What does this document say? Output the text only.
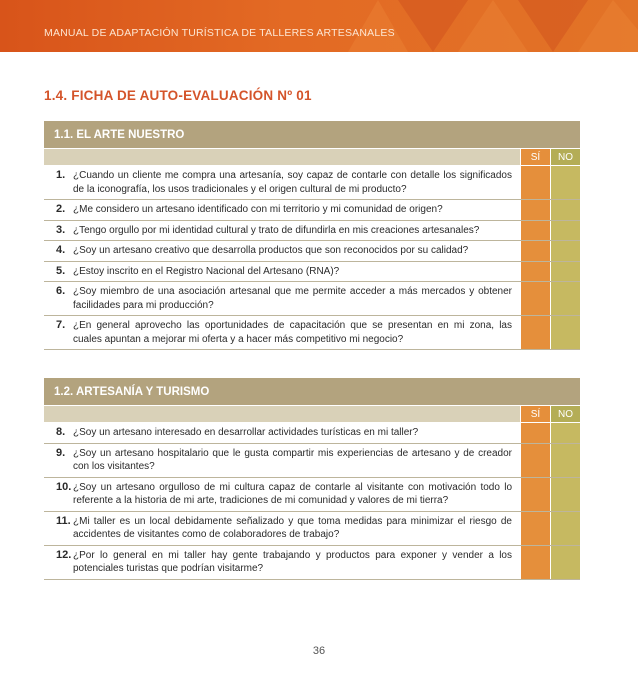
MANUAL DE ADAPTACIÓN TURÍSTICA DE TALLERES ARTESANALES
1.4. FICHA DE AUTO-EVALUACIÓN Nº 01
1.1. EL ARTE NUESTRO
SÍ	NO
1. ¿Cuando un cliente me compra una artesanía, soy capaz de contarle con detalle los significados de la iconografía, los usos tradicionales y el origen cultural de mi producto?
2. ¿Me considero un artesano identificado con mi territorio y mi comunidad de origen?
3. ¿Tengo orgullo por mi identidad cultural y trato de difundirla en mis creaciones artesanales?
4. ¿Soy un artesano creativo que desarrolla productos que son reconocidos por su calidad?
5. ¿Estoy inscrito en el Registro Nacional del Artesano (RNA)?
6. ¿Soy miembro de una asociación artesanal que me permite acceder a más mercados y obtener facilidades para mi producción?
7. ¿En general aprovecho las oportunidades de capacitación que se presentan en mi zona, las cuales apuntan a mejorar mi oferta y a hacer más competitivo mi negocio?
1.2. ARTESANÍA Y TURISMO
SÍ	NO
8. ¿Soy un artesano interesado en desarrollar actividades turísticas en mi taller?
9. ¿Soy un artesano hospitalario que le gusta compartir mis experiencias de artesano y de creador con los visitantes?
10. ¿Soy un artesano orgulloso de mi cultura capaz de contarle al visitante con motivación todo lo referente a la historia de mi arte, tradiciones de mi comunidad y valores de mi tierra?
11. ¿Mi taller es un local debidamente señalizado y que toma medidas para minimizar el riesgo de accidentes de visitantes como de colaboradores de trabajo?
12. ¿Por lo general en mi taller hay gente trabajando y productos para exponer y vender a los potenciales turistas que podrían visitarme?
36
